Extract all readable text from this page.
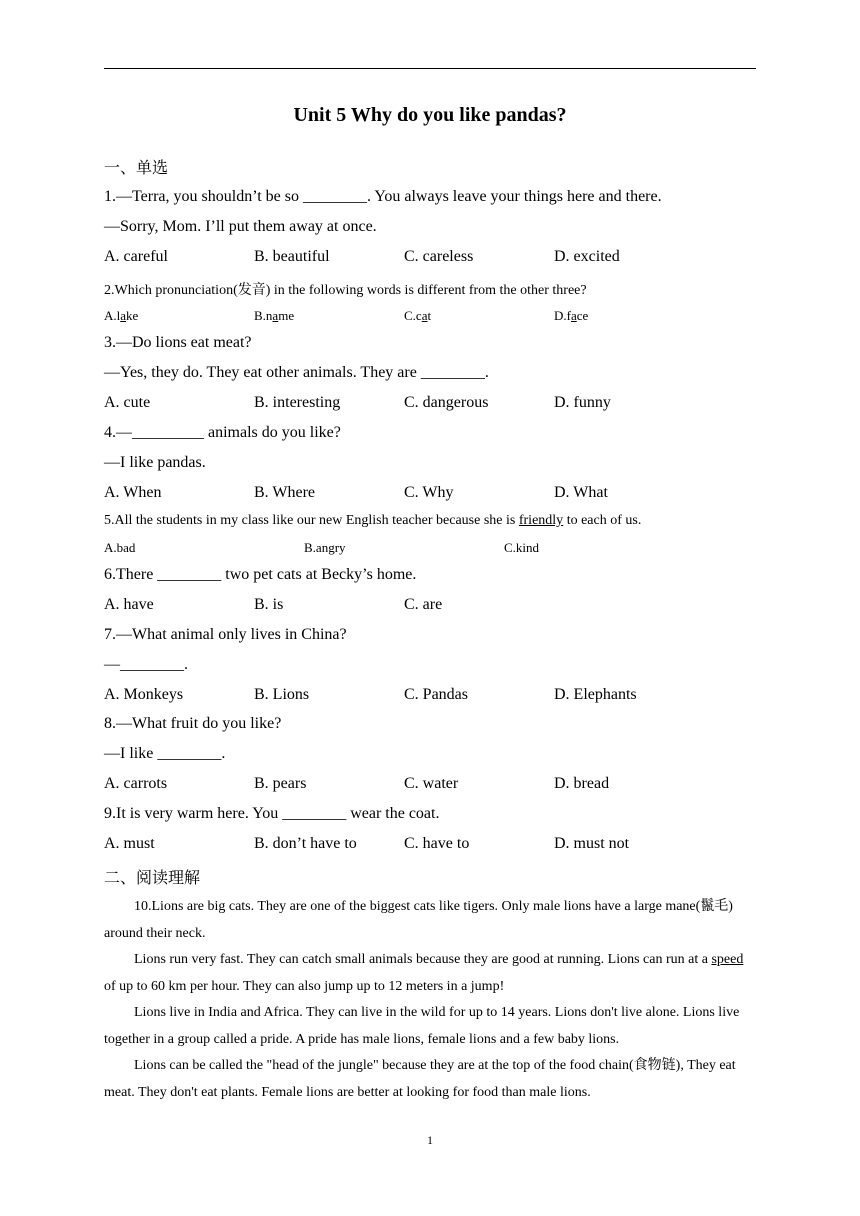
Unit 5 Why do you like pandas?
一、单选
1.—Terra, you shouldn’t be so ________. You always leave your things here and there.
—Sorry, Mom. I’ll put them away at once.
A. careful	B. beautiful	C. careless	D. excited
2.Which pronunciation(发音) in the following words is different from the other three?
A.lake	B.name	C.cat	D.face
3.—Do lions eat meat?
—Yes, they do. They eat other animals. They are ________.
A. cute	B. interesting	C. dangerous	D. funny
4.—_________ animals do you like?
—I like pandas.
A. When	B. Where	C. Why	D. What
5.All the students in my class like our new English teacher because she is friendly to each of us.
A.bad	B.angry	C.kind
6.There ________ two pet cats at Becky’s home.
A. have	B. is	C. are
7.—What animal only lives in China?
—________.
A. Monkeys	B. Lions	C. Pandas	D. Elephants
8.—What fruit do you like?
—I like ________.
A. carrots	B. pears	C. water	D. bread
9.It is very warm here. You ________ wear the coat.
A. must	B. don’t have to	C. have to	D. must not
二、阅读理解

10.Lions are big cats. They are one of the biggest cats like tigers. Only male lions have a large mane(鬣毛) around their neck.

Lions run very fast. They can catch small animals because they are good at running. Lions can run at a speed of up to 60 km per hour. They can also jump up to 12 meters in a jump!

Lions live in India and Africa. They can live in the wild for up to 14 years. Lions don't live alone. Lions live together in a group called a pride. A pride has male lions, female lions and a few baby lions.

Lions can be called the "head of the jungle" because they are at the top of the food chain(食物链), They eat meat. They don't eat plants. Female lions are better at looking for food than male lions.

1
